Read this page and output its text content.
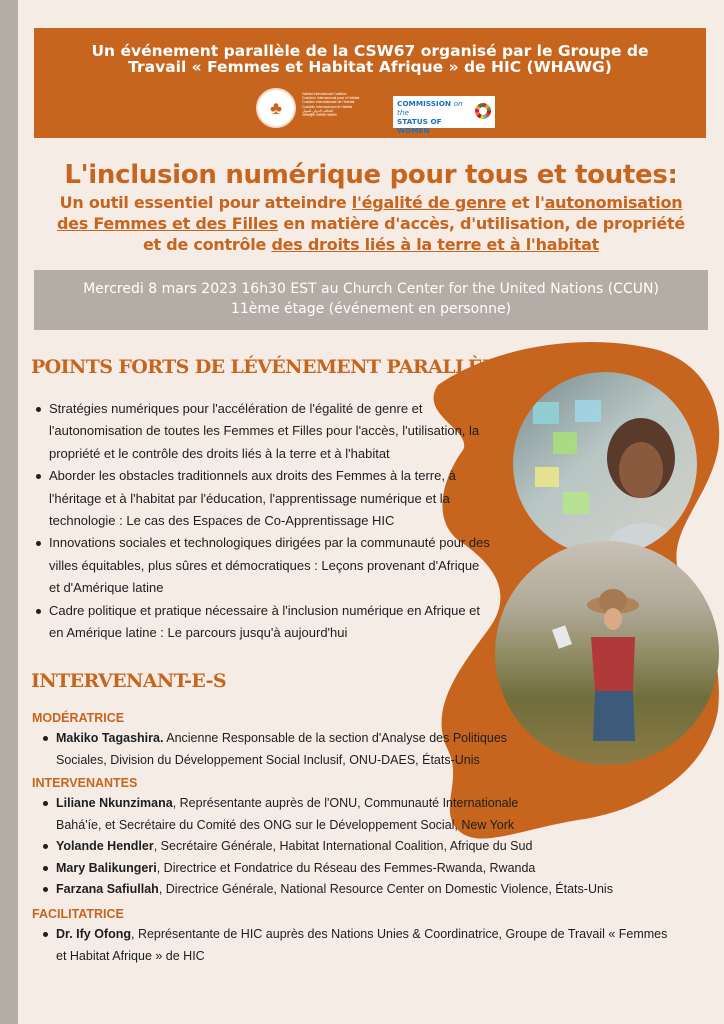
Un événement parallèle de la CSW67 organisé par le Groupe de
Travail « Femmes et Habitat Afrique » de HIC (WHAWG)
♣
Habitat International Coalition
Coalición Internacional para el Hábitat
Coalition Internationale de l'Habitat
Coalizão Internacional do Habitat
التحالف الدولي للموئل
अंतरराष्ट्रीय पर्यावास गठबंधन
COMMISSION on the
STATUS OF WOMEN
L'inclusion numérique pour tous et toutes:
Un outil essentiel pour atteindre l'égalité de genre et l'autonomisation
des Femmes et des Filles en matière d'accès, d'utilisation, de propriété
et de contrôle des droits liés à la terre et à l'habitat
Mercredi 8 mars 2023 16h30 EST au Church Center for the United Nations (CCUN)
11ème étage (événement en personne)
POINTS FORTS DE LÉVÉNEMENT PARALLÈLE
Stratégies numériques pour l'accélération de l'égalité de genre et l'autonomisation de toutes les Femmes et Filles pour l'accès, l'utilisation, la propriété et le contrôle des droits liés à la terre et à l'habitat
Aborder les obstacles traditionnels aux droits des Femmes à la terre, à l'héritage et à l'habitat par l'éducation, l'apprentissage numérique et la technologie : Le cas des Espaces de Co-Apprentissage HIC
Innovations sociales et technologiques dirigées par la communauté pour des villes équitables, plus sûres et démocratiques : Leçons provenant d'Afrique et d'Amérique latine
Cadre politique et pratique nécessaire à l'inclusion numérique en Afrique et en Amérique latine : Le parcours jusqu'à aujourd'hui
INTERVENANT-E-S
MODÉRATRICE
Makiko Tagashira. Ancienne Responsable de la section d'Analyse des Politiques Sociales, Division du Développement Social Inclusif, ONU-DAES, États-Unis
INTERVENANTES
Liliane Nkunzimana, Représentante auprès de l'ONU, Communauté Internationale Bahá'íe, et Secrétaire du Comité des ONG sur le Développement Social, New York
Yolande Hendler, Secrétaire Générale, Habitat International Coalition, Afrique du Sud
Mary Balikungeri, Directrice et Fondatrice du Réseau des Femmes-Rwanda, Rwanda
Farzana Safiullah, Directrice Générale, National Resource Center on Domestic Violence, États-Unis
FACILITATRICE
Dr. Ify Ofong, Représentante de HIC auprès des Nations Unies & Coordinatrice, Groupe de Travail « Femmes et Habitat Afrique » de HIC
